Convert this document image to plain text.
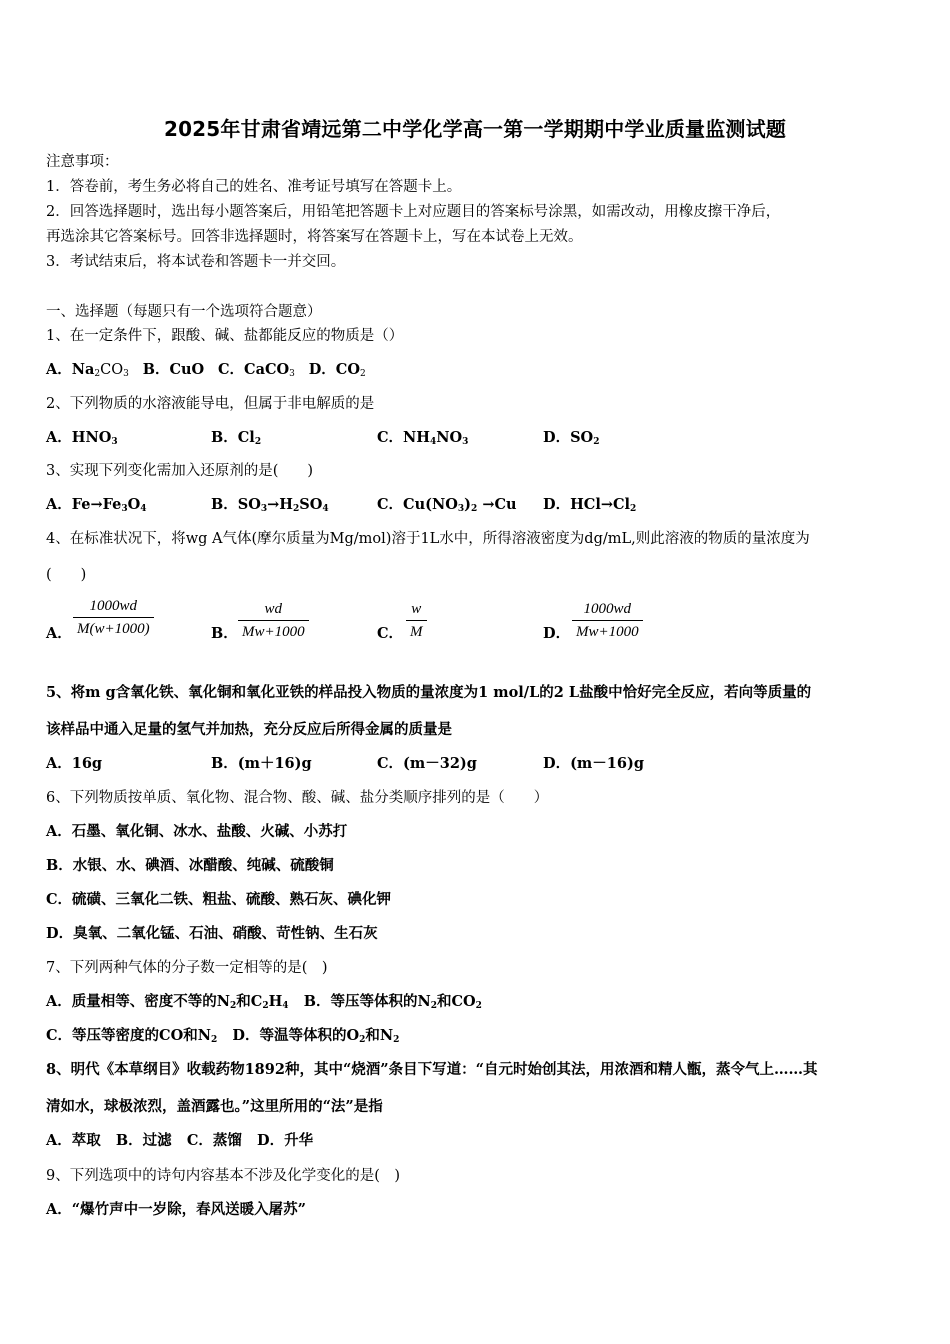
2025年甘肃省靖远第二中学化学高一第一学期期中学业质量监测试题
注意事项：
1．答卷前，考生务必将自己的姓名、准考证号填写在答题卡上。
2．回答选择题时，选出每小题答案后，用铅笔把答题卡上对应题目的答案标号涂黑，如需改动，用橡皮擦干净后，
再选涂其它答案标号。回答非选择题时，将答案写在答题卡上，写在本试卷上无效。
3．考试结束后，将本试卷和答题卡一并交回。
一、选择题（每题只有一个选项符合题意）
1、在一定条件下，跟酸、碱、盐都能反应的物质是（）
A．$Na_2CO_3$ B．CuO C．CaCO$_3$ D．$CO_2$
2、下列物质的水溶液能导电，但属于非电解质的是
A．$HNO_3$	B．$Cl_2$	C．$NH_4NO_3$	D．$SO_2$
3、实现下列变化需加入还原剂的是(　　)
A．$Fe\to Fe_3O_4$	B．$SO_3\to H_2SO_4$	C．$Cu(NO_3)_2 \to Cu$ D．$HCl\to Cl_2$
4、在标准状况下，将wg A气体(摩尔质量为Mg/mol)溶于1L水中，所得溶液密度为dg/mL,则此溶液的物质的量浓度为
(　　)
A． $\frac{1000wd}{M(w+1000)}$	B． $\frac{wd}{Mw+1000}$	C． $\frac{w}{M}$	D． $\frac{1000wd}{Mw+1000}$
5、将m g含氧化铁、氧化铜和氧化亚铁的样品投入物质的量浓度为1 mol/L的2 L盐酸中恰好完全反应，若向等质量的
该样品中通入足量的氢气并加热，充分反应后所得金属的质量是
A．16g	B．(m＋16)g	C．(m－32)g	D．(m－16)g
6、下列物质按单质、氧化物、混合物、酸、碱、盐分类顺序排列的是（　　）
A．石墨、氧化铜、冰水、盐酸、火碱、小苏打
B．水银、水、碘酒、冰醋酸、纯碱、硫酸铜
C．硫磺、三氧化二铁、粗盐、硫酸、熟石灰、碘化钾
D．臭氧、二氧化锰、石油、硝酸、苛性钠、生石灰
7、下列两种气体的分子数一定相等的是(　)
A．质量相等、密度不等的$N_2$和$C_2H_4$ B．等压等体积的$N_2$和$CO_2$
C．等压等密度的CO和$N_2$ D．等温等体积的$O_2$和$N_2$
8、明代《本草纲目》收载药物1892种，其中“烧酒”条目下写道：“自元时始创其法，用浓酒和精人甑，蒸令气上……其
清如水，球极浓烈，盖酒露也。”这里所用的“法”是指
A．萃取 B．过滤 C．蒸馏 D．升华
9、下列选项中的诗句内容基本不涉及化学变化的是(　)
A．“爆竹声中一岁除，春风送暖入屠苏”
